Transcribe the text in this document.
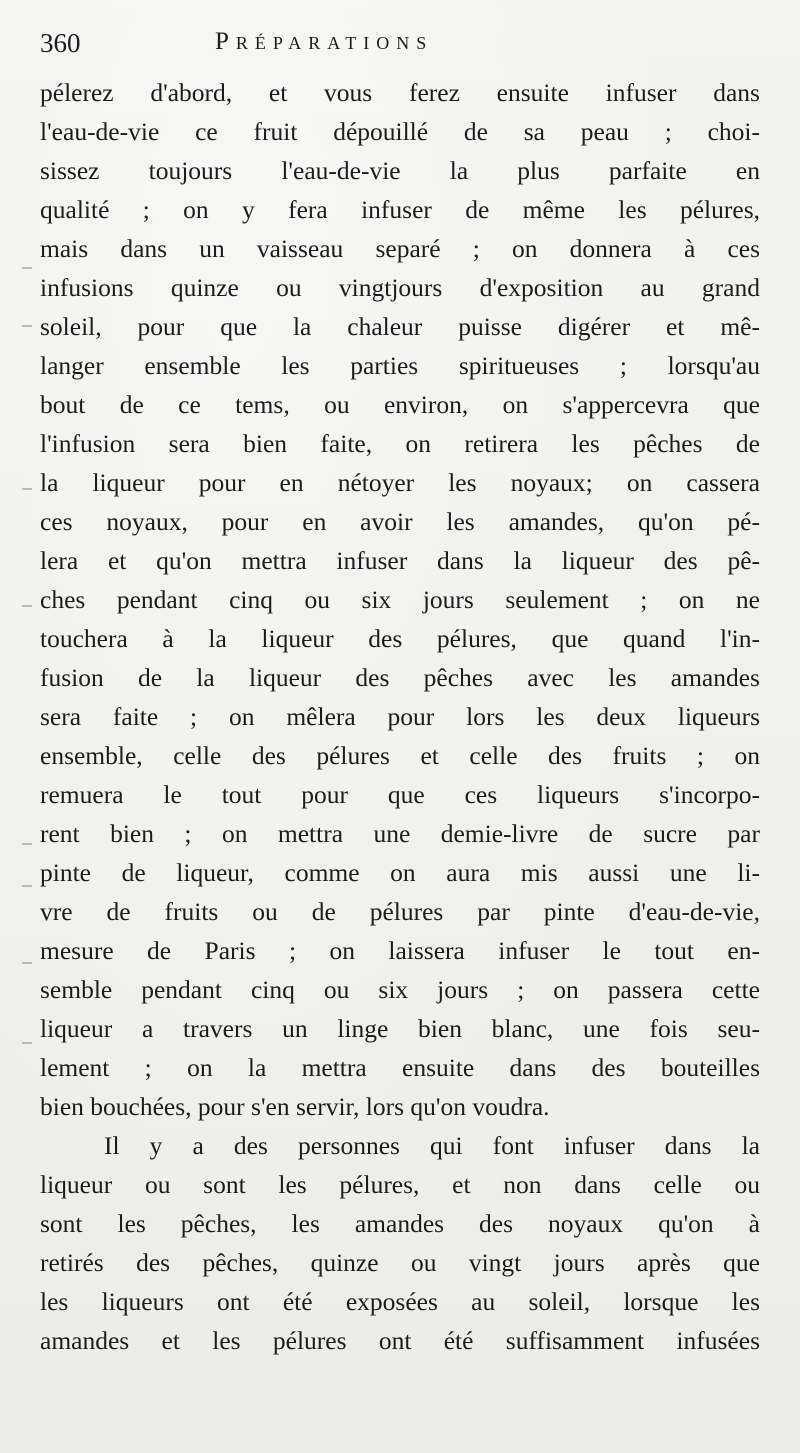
360	Préparations
pélerez d'abord, et vous ferez ensuite infuser dans
l'eau-de-vie ce fruit dépouillé de sa peau ; choi-
sissez toujours l'eau-de-vie la plus parfaite en
qualité ; on y fera infuser de même les pélures,
mais dans un vaisseau separé ; on donnera à ces
infusions quinze ou vingtjours d'exposition au grand
soleil, pour que la chaleur puisse digérer et mê-
langer ensemble les parties spiritueuses ; lorsqu'au
bout de ce tems, ou environ, on s'appercevra que
l'infusion sera bien faite, on retirera les pêches de
la liqueur pour en nétoyer les noyaux; on cassera
ces noyaux, pour en avoir les amandes, qu'on pé-
lera et qu'on mettra infuser dans la liqueur des pê-
ches pendant cinq ou six jours seulement ; on ne
touchera à la liqueur des pélures, que quand l'in-
fusion de la liqueur des pêches avec les amandes
sera faite ; on mêlera pour lors les deux liqueurs
ensemble, celle des pélures et celle des fruits ; on
remuera le tout pour que ces liqueurs s'incorpo-
rent bien ; on mettra une demie-livre de sucre par
pinte de liqueur, comme on aura mis aussi une li-
vre de fruits ou de pélures par pinte d'eau-de-vie,
mesure de Paris ; on laissera infuser le tout en-
semble pendant cinq ou six jours ; on passera cette
liqueur a travers un linge bien blanc, une fois seu-
lement ; on la mettra ensuite dans des bouteilles
bien bouchées, pour s'en servir, lors qu'on voudra.
Il y a des personnes qui font infuser dans la
liqueur ou sont les pélures, et non dans celle ou
sont les pêches, les amandes des noyaux qu'on à
retirés des pêches, quinze ou vingt jours après que
les liqueurs ont été exposées au soleil, lorsque les
amandes et les pélures ont été suffisamment infusées
